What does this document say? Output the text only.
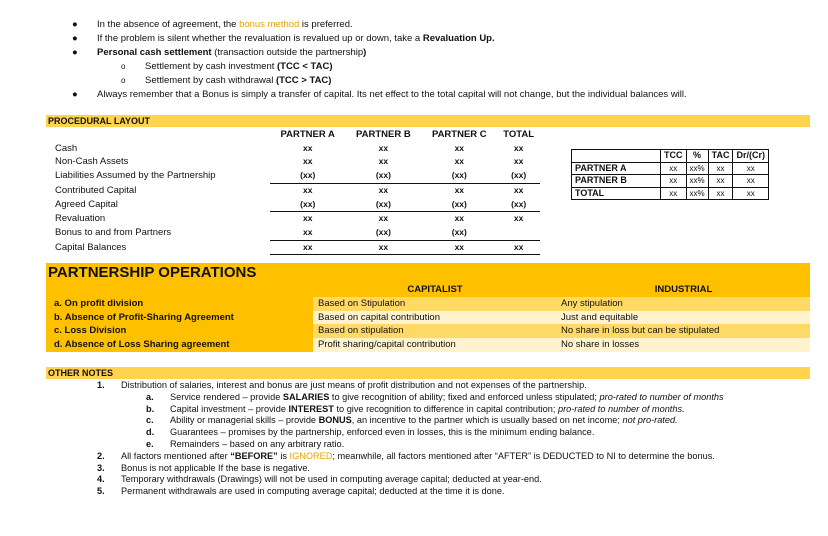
● In the absence of agreement, the bonus method is preferred.
● If the problem is silent whether the revaluation is revalued up or down, take a Revaluation Up.
● Personal cash settlement (transaction outside the partnership)
o Settlement by cash investment (TCC < TAC)
o Settlement by cash withdrawal (TCC > TAC)
● Always remember that a Bonus is simply a transfer of capital. Its net effect to the total capital will not change, but the individual balances will.
PROCEDURAL LAYOUT
	PARTNER A	PARTNER B	PARTNER C	TOTAL
Cash	xx	xx	xx	xx
Non-Cash Assets	xx	xx	xx	xx
Liabilities Assumed by the Partnership	(xx)	(xx)	(xx)	(xx)
Contributed Capital	xx	xx	xx	xx
Agreed Capital	(xx)	(xx)	(xx)	(xx)
Revaluation	xx	xx	xx	xx
Bonus to and from Partners	xx	(xx)	(xx)	
Capital Balances	xx	xx	xx	xx
	TCC	%	TAC	Dr/(Cr)
PARTNER A	xx	xx%	xx	xx
PARTNER B	xx	xx%	xx	xx
TOTAL	xx	xx%	xx	xx
PARTNERSHIP OPERATIONS
	CAPITALIST	INDUSTRIAL
a. On profit division	Based on Stipulation	Any stipulation
b. Absence of Profit-Sharing Agreement	Based on capital contribution	Just and equitable
c. Loss Division	Based on stipulation	No share in loss but can be stipulated
d. Absence of Loss Sharing agreement	Profit sharing/capital contribution	No share in losses
OTHER NOTES
1. Distribution of salaries, interest and bonus are just means of profit distribution and not expenses of the partnership.
a. Service rendered – provide SALARIES to give recognition of ability; fixed and enforced unless stipulated; pro-rated to number of months
b. Capital investment – provide INTEREST to give recognition to difference in capital contribution; pro-rated to number of months.
c. Ability or managerial skills – provide BONUS, an incentive to the partner which is usually based on net income; not pro-rated.
d. Guarantees – promises by the partnership, enforced even in losses, this is the minimum ending balance.
e. Remainders – based on any arbitrary ratio.
2. All factors mentioned after “BEFORE” is IGNORED; meanwhile, all factors mentioned after “AFTER” is DEDUCTED to NI to determine the bonus.
3. Bonus is not applicable If the base is negative.
4. Temporary withdrawals (Drawings) will not be used in computing average capital; deducted at year-end.
5. Permanent withdrawals are used in computing average capital; deducted at the time it is done.
